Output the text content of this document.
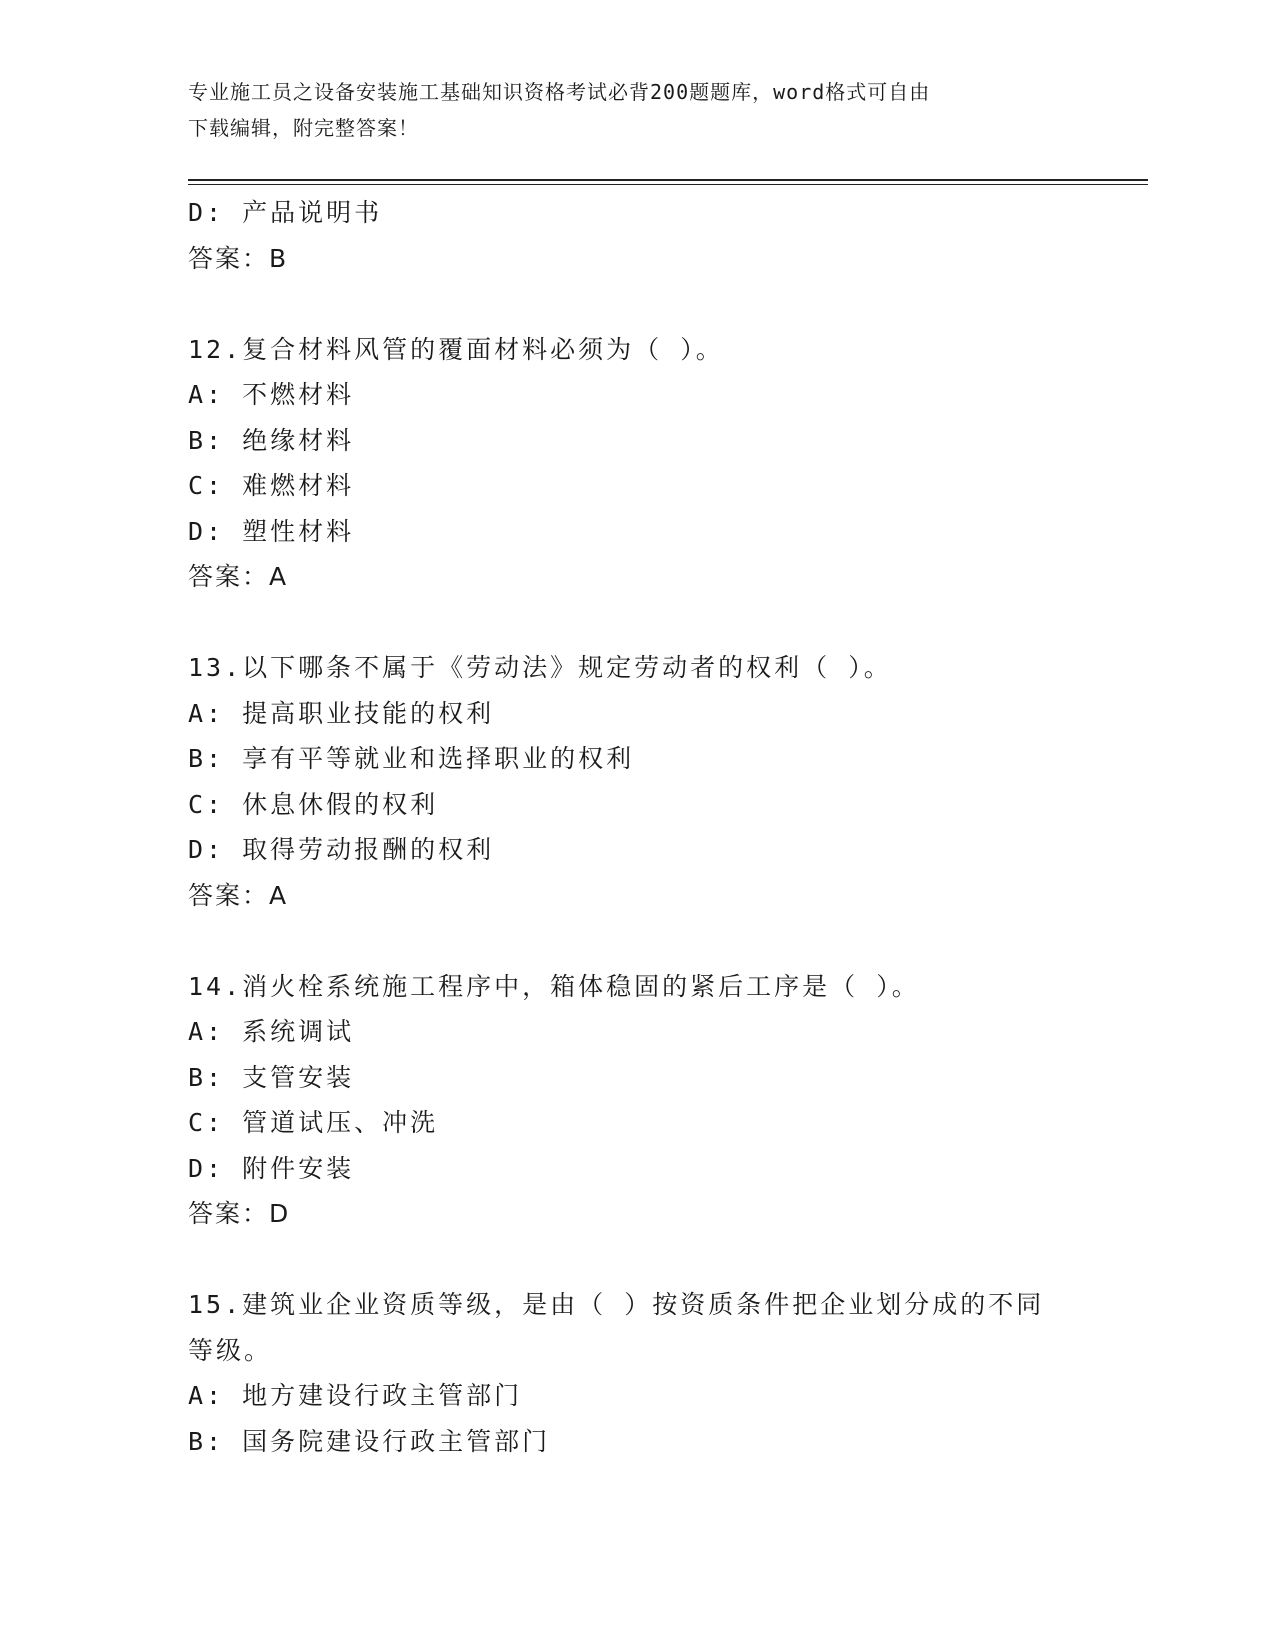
专业施工员之设备安装施工基础知识资格考试必背200题题库，word格式可自由
下载编辑，附完整答案！
D: 产品说明书
答案：B
12.复合材料风管的覆面材料必须为（ ）。
A: 不燃材料
B: 绝缘材料
C: 难燃材料
D: 塑性材料
答案：A
13.以下哪条不属于《劳动法》规定劳动者的权利（ ）。
A: 提高职业技能的权利
B: 享有平等就业和选择职业的权利
C: 休息休假的权利
D: 取得劳动报酬的权利
答案：A
14.消火栓系统施工程序中，箱体稳固的紧后工序是（ ）。
A: 系统调试
B: 支管安装
C: 管道试压、冲洗
D: 附件安装
答案：D
15.建筑业企业资质等级，是由（ ）按资质条件把企业划分成的不同
等级。
A: 地方建设行政主管部门
B: 国务院建设行政主管部门
